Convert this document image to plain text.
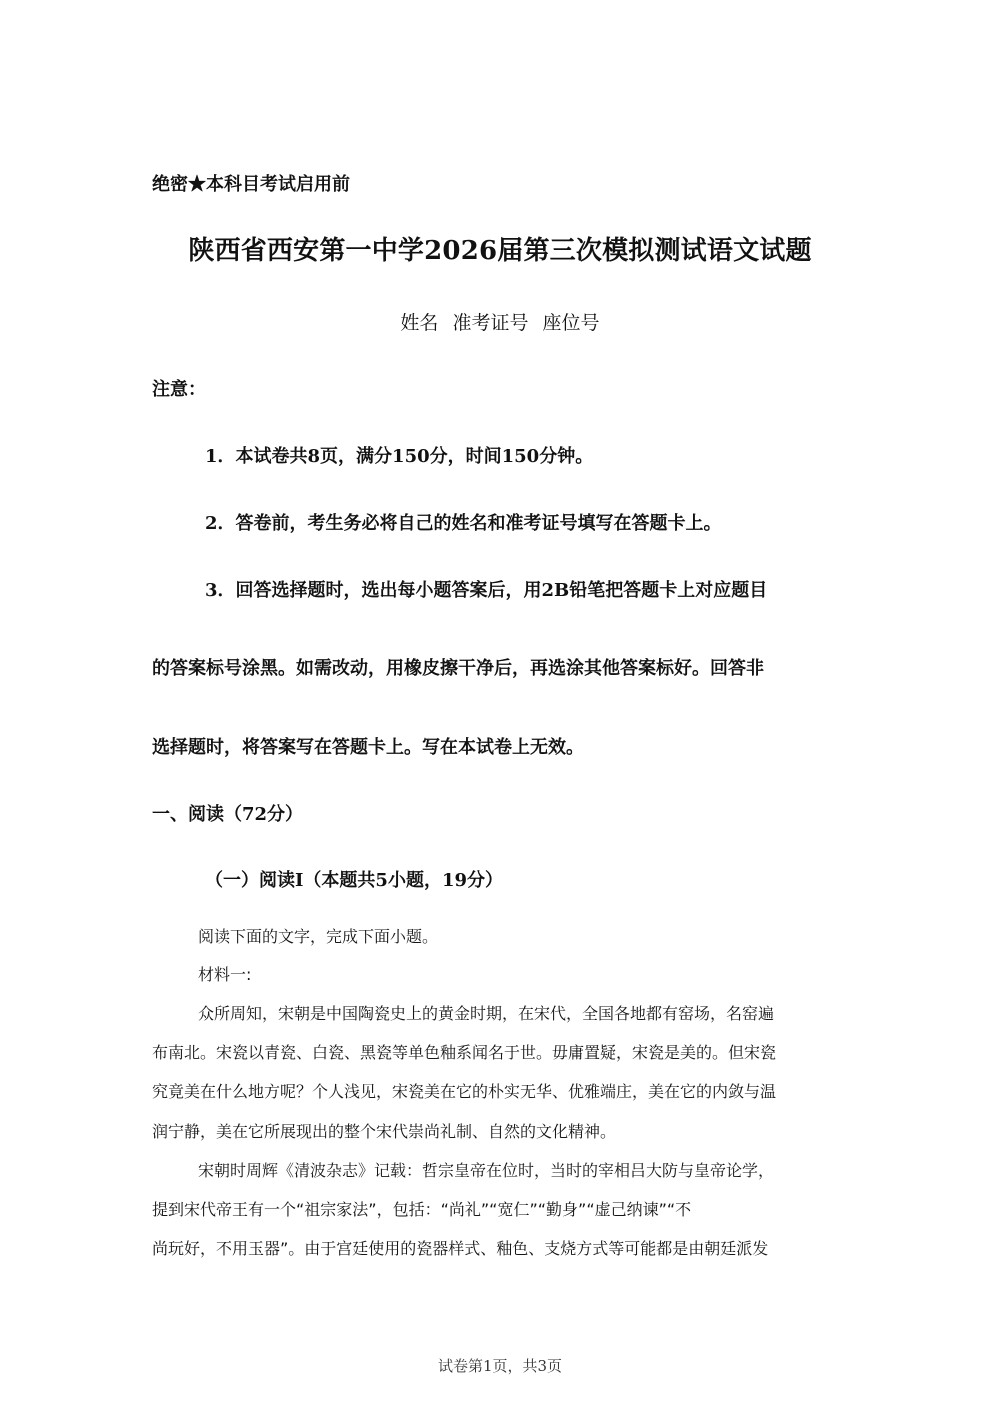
绝密★本科目考试启用前
陕西省西安第一中学2026届第三次模拟测试语文试题
姓名 准考证号 座位号
注意：
1．本试卷共8页，满分150分，时间150分钟。
2．答卷前，考生务必将自己的姓名和准考证号填写在答题卡上。
3．回答选择题时，选出每小题答案后，用2B铅笔把答题卡上对应题目
的答案标号涂黑。如需改动，用橡皮擦干净后，再选涂其他答案标好。回答非
选择题时，将答案写在答题卡上。写在本试卷上无效。
一、阅读（72分）
（一）阅读I（本题共5小题，19分）
阅读下面的文字，完成下面小题。
材料一:
众所周知，宋朝是中国陶瓷史上的黄金时期，在宋代，全国各地都有窑场，名窑遍
布南北。宋瓷以青瓷、白瓷、黑瓷等单色釉系闻名于世。毋庸置疑，宋瓷是美的。但宋瓷
究竟美在什么地方呢？个人浅见，宋瓷美在它的朴实无华、优雅端庄，美在它的内敛与温
润宁静，美在它所展现出的整个宋代崇尚礼制、自然的文化精神。
宋朝时周辉《清波杂志》记载：哲宗皇帝在位时，当时的宰相吕大防与皇帝论学，
提到宋代帝王有一个“祖宗家法”，包括：“尚礼”“宽仁”“勤身”“虚己纳谏”“不
尚玩好，不用玉器”。由于宫廷使用的瓷器样式、釉色、支烧方式等可能都是由朝廷派发
试卷第1页，共3页
